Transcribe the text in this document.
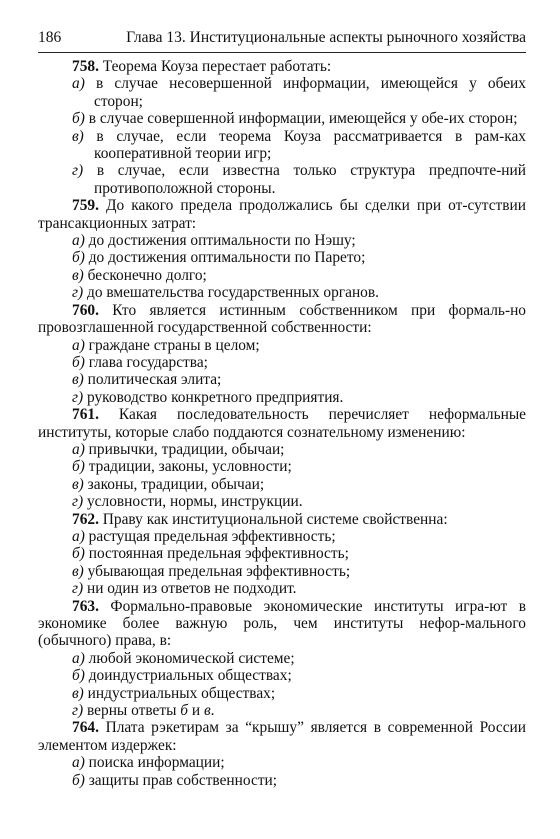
186	Глава 13. Институциональные аспекты рыночного хозяйства

758. Теорема Коуза перестает работать:

а) в случае несовершенной информации, имеющейся у обеих сторон;

б) в случае совершенной информации, имеющейся у обе-их сторон;

в) в случае, если теорема Коуза рассматривается в рам-ках кооперативной теории игр;

г) в случае, если известна только структура предпочте-ний противоположной стороны.

759. До какого предела продолжались бы сделки при от-сутствии трансакционных затрат:

а) до достижения оптимальности по Нэшу;

б) до достижения оптимальности по Парето;

в) бесконечно долго;

г) до вмешательства государственных органов.

760. Кто является истинным собственником при формаль-но провозглашенной государственной собственности:

а) граждане страны в целом;

б) глава государства;

в) политическая элита;

г) руководство конкретного предприятия.

761. Какая последовательность перечисляет неформальные институты, которые слабо поддаются сознательному изменению:

а) привычки, традиции, обычаи;

б) традиции, законы, условности;

в) законы, традиции, обычаи;

г) условности, нормы, инструкции.

762. Праву как институциональной системе свойственна:

а) растущая предельная эффективность;

б) постоянная предельная эффективность;

в) убывающая предельная эффективность;

г) ни один из ответов не подходит.

763. Формально-правовые экономические институты игра-ют в экономике более важную роль, чем институты нефор-мального (обычного) права, в:

а) любой экономической системе;

б) доиндустриальных обществах;

в) индустриальных обществах;

г) верны ответы б и в.

764. Плата рэкетирам за “крышу” является в современной России элементом издержек:

а) поиска информации;

б) защиты прав собственности;
